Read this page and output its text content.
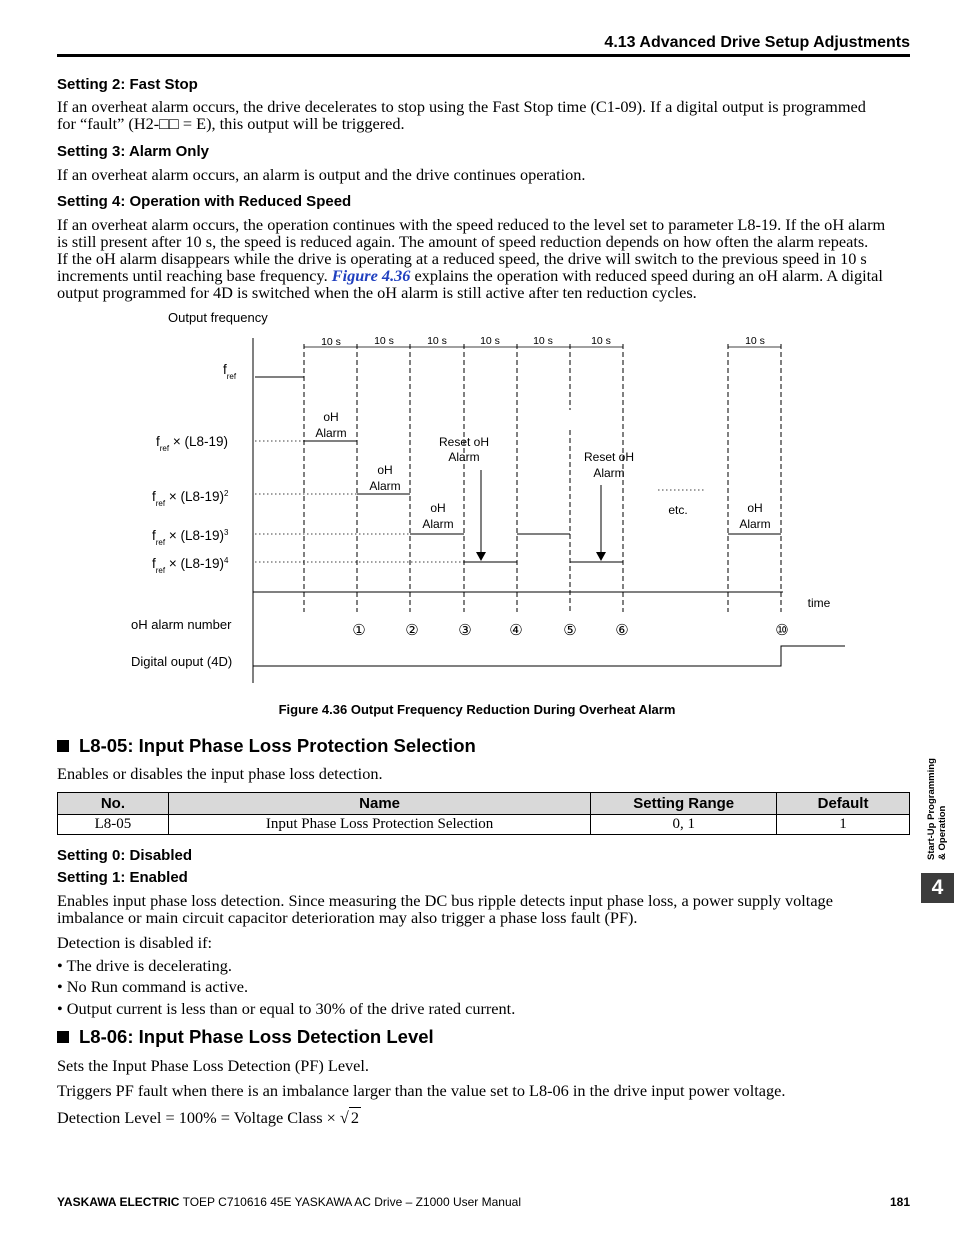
4.13 Advanced Drive Setup Adjustments
Setting 2: Fast Stop
If an overheat alarm occurs, the drive decelerates to stop using the Fast Stop time (C1-09). If a digital output is programmed
for “fault” (H2-□□ = E), this output will be triggered.
Setting 3: Alarm Only
If an overheat alarm occurs, an alarm is output and the drive continues operation.
Setting 4: Operation with Reduced Speed
If an overheat alarm occurs, the operation continues with the speed reduced to the level set to parameter L8-19. If the oH alarm
is still present after 10 s, the speed is reduced again. The amount of speed reduction depends on how often the alarm repeats.
If the oH alarm disappears while the drive is operating at a reduced speed, the drive will switch to the previous speed in 10 s
increments until reaching base frequency. Figure 4.36 explains the operation with reduced speed during an oH alarm. A digital
output programmed for 4D is switched when the oH alarm is still active after ten reduction cycles.
Output frequency
$f_{ref}$
$f_{ref} \times (L8-19)$
$f_{ref} \times (L8-19)^2$
$f_{ref} \times (L8-19)^3$
$f_{ref} \times (L8-19)^4$
oH alarm number
Digital ouput (4D)
10 s	10 s	10 s	10 s	10 s	10 s	10 s
oH
Alarm
oH
Alarm
oH
Alarm
Reset oH
Alarm	Reset oH
Alarm
etc.	oH
Alarm
time
①	②	③	④	⑤	⑥	⑩
Figure 4.36 Output Frequency Reduction During Overheat Alarm
L8-05: Input Phase Loss Protection Selection
Enables or disables the input phase loss detection.
No.	Name	Setting Range	Default
L8-05	Input Phase Loss Protection Selection	0, 1	1
Setting 0: Disabled
Setting 1: Enabled
Enables input phase loss detection. Since measuring the DC bus ripple detects input phase loss, a power supply voltage
imbalance or main circuit capacitor deterioration may also trigger a phase loss fault (PF).
Detection is disabled if:
• The drive is decelerating.
• No Run command is active.
• Output current is less than or equal to 30% of the drive rated current.
L8-06: Input Phase Loss Detection Level
Sets the Input Phase Loss Detection (PF) Level.
Triggers PF fault when there is an imbalance larger than the value set to L8-06 in the drive input power voltage.
Detection Level = 100% = Voltage Class × √ 2
Start-Up Programming & Operation
4
YASKAWA ELECTRIC TOEP C710616 45E YASKAWA AC Drive – Z1000 User Manual	181
